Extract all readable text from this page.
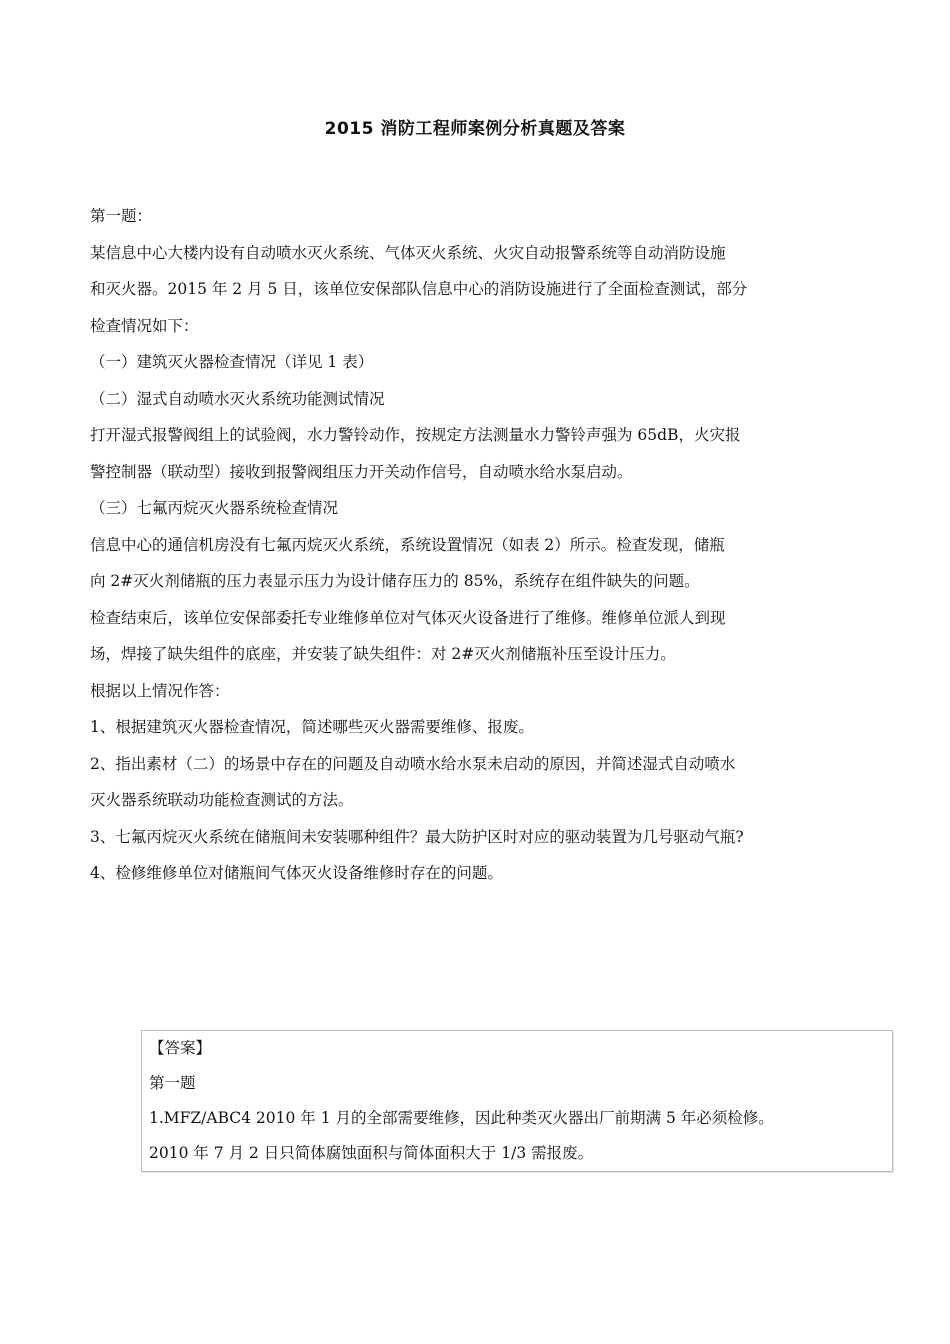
2015 消防工程师案例分析真题及答案

第一题：

某信息中心大楼内设有自动喷水灭火系统、气体灭火系统、火灾自动报警系统等自动消防设施

和灭火器。2015 年 2 月 5 日，该单位安保部队信息中心的消防设施进行了全面检查测试，部分

检查情况如下：

（一）建筑灭火器检查情况（详见 1 表）

（二）湿式自动喷水灭火系统功能测试情况

打开湿式报警阀组上的试验阀，水力警铃动作，按规定方法测量水力警铃声强为 65dB，火灾报

警控制器（联动型）接收到报警阀组压力开关动作信号，自动喷水给水泵启动。

（三）七氟丙烷灭火器系统检查情况

信息中心的通信机房没有七氟丙烷灭火系统，系统设置情况（如表 2）所示。检查发现，储瓶

向 2#灭火剂储瓶的压力表显示压力为设计储存压力的 85%，系统存在组件缺失的问题。

检查结束后，该单位安保部委托专业维修单位对气体灭火设备进行了维修。维修单位派人到现

场，焊接了缺失组件的底座，并安装了缺失组件：对 2#灭火剂储瓶补压至设计压力。

根据以上情况作答：

1、根据建筑灭火器检查情况，简述哪些灭火器需要维修、报废。

2、指出素材（二）的场景中存在的问题及自动喷水给水泵未启动的原因，并简述湿式自动喷水

灭火器系统联动功能检查测试的方法。

3、七氟丙烷灭火系统在储瓶间未安装哪种组件？最大防护区时对应的驱动装置为几号驱动气瓶?

4、检修维修单位对储瓶间气体灭火设备维修时存在的问题。

【答案】

第一题

1.MFZ/ABC4 2010 年 1 月的全部需要维修，因此种类灭火器出厂前期满 5 年必须检修。

2010 年 7 月 2 日只简体腐蚀面积与简体面积大于 1/3 需报废。
